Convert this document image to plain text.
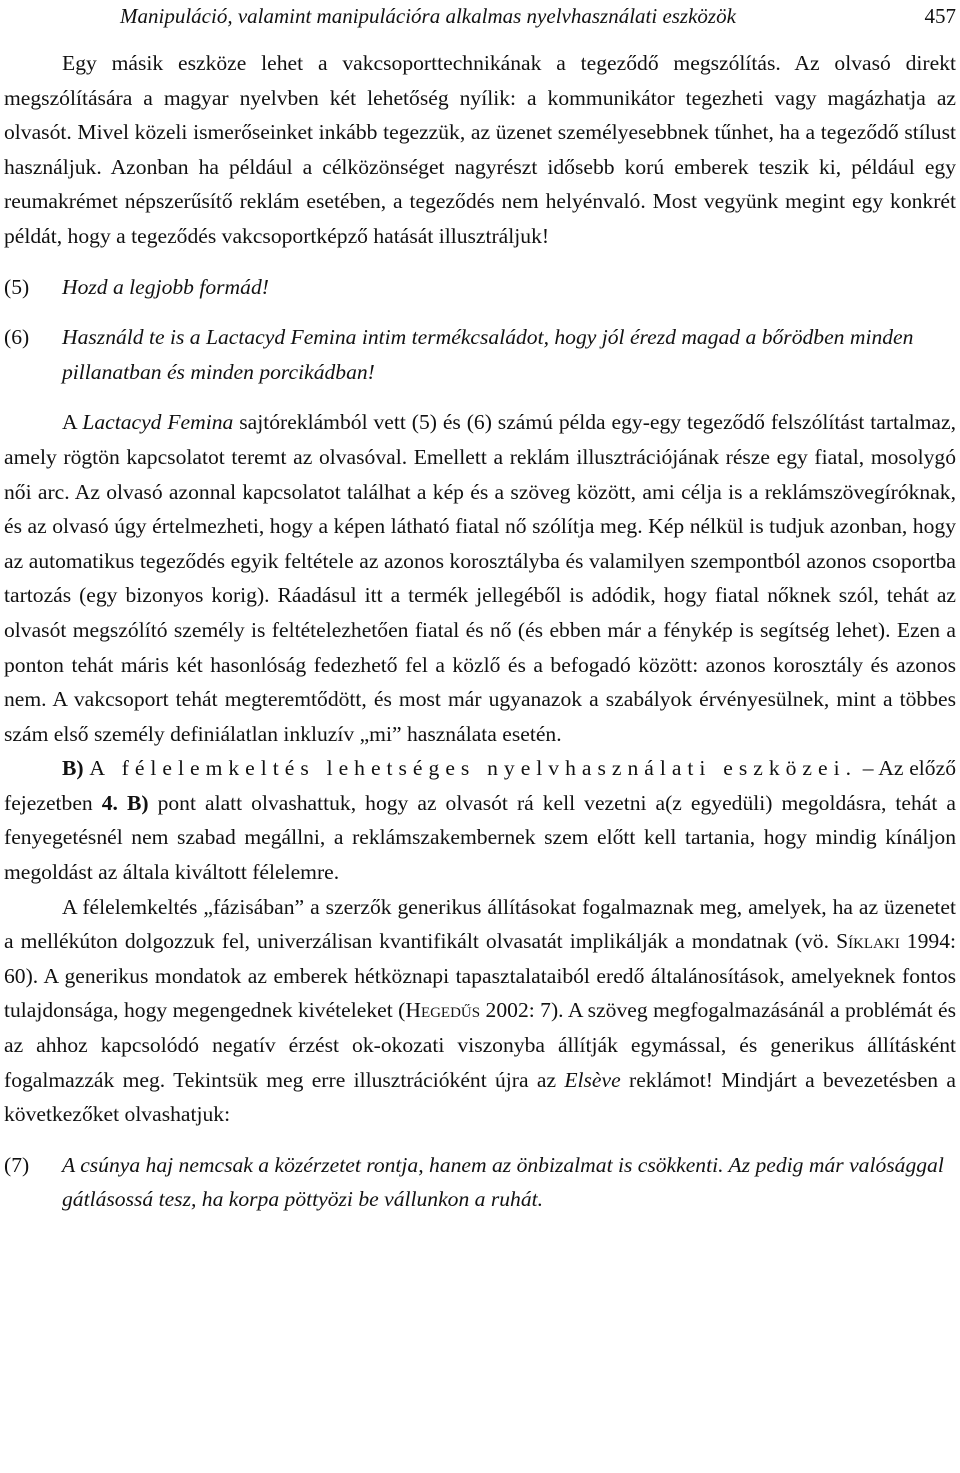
Manipuláció, valamint manipulációra alkalmas nyelvhasználati eszközök	457

Egy másik eszköze lehet a vakcsoporttechnikának a tegeződő megszólítás. Az olvasó direkt megszólítására a magyar nyelvben két lehetőség nyílik: a kommunikátor tegezheti vagy magázhatja az olvasót. Mivel közeli ismerőseinket inkább tegezzük, az üzenet személyesebbnek tűnhet, ha a tegeződő stílust használjuk. Azonban ha például a célközönséget nagyrészt idősebb korú emberek teszik ki, például egy reumakrémet népszerűsítő reklám esetében, a tegeződés nem helyénvaló. Most vegyünk megint egy konkrét példát, hogy a tegeződés vakcsoportképző hatását illusztráljuk!

(5)	Hozd a legjobb formád!
(6)	Használd te is a Lactacyd Femina intim termékcsaládot, hogy jól érezd magad a bőrödben minden pillanatban és minden porcikádban!

A Lactacyd Femina sajtóreklámból vett (5) és (6) számú példa egy-egy tegeződő felszólítást tartalmaz, amely rögtön kapcsolatot teremt az olvasóval. Emellett a reklám illusztrációjának része egy fiatal, mosolygó női arc. Az olvasó azonnal kapcsolatot találhat a kép és a szöveg között, ami célja is a reklámszövegíróknak, és az olvasó úgy értelmezheti, hogy a képen látható fiatal nő szólítja meg. Kép nélkül is tudjuk azonban, hogy az automatikus tegeződés egyik feltétele az azonos korosztályba és valamilyen szempontból azonos csoportba tartozás (egy bizonyos korig). Ráadásul itt a termék jellegéből is adódik, hogy fiatal nőknek szól, tehát az olvasót megszólító személy is feltételezhetően fiatal és nő (és ebben már a fénykép is segítség lehet). Ezen a ponton tehát máris két hasonlóság fedezhető fel a közlő és a befogadó között: azonos korosztály és azonos nem. A vakcsoport tehát megteremtődött, és most már ugyanazok a szabályok érvényesülnek, mint a többes szám első személy definiálatlan inkluzív „mi” használata esetén.

B) A félelemkeltés lehetséges nyelvhasználati eszközei. – Az előző fejezetben 4. B) pont alatt olvashattuk, hogy az olvasót rá kell vezetni a(z egyedüli) megoldásra, tehát a fenyegetésnél nem szabad megállni, a reklámszakembernek szem előtt kell tartania, hogy mindig kínáljon megoldást az általa kiváltott félelemre.

A félelemkeltés „fázisában” a szerzők generikus állításokat fogalmaznak meg, amelyek, ha az üzenetet a mellékúton dolgozzuk fel, univerzálisan kvantifikált olvasatát implikálják a mondatnak (vö. Síklaki 1994: 60). A generikus mondatok az emberek hétköznapi tapasztalataiból eredő általánosítások, amelyeknek fontos tulajdonsága, hogy megengednek kivételeket (Hegedűs 2002: 7). A szöveg megfogalmazásánál a problémát és az ahhoz kapcsolódó negatív érzést ok-okozati viszonyba állítják egymással, és generikus állításként fogalmazzák meg. Tekintsük meg erre illusztrációként újra az Elsève reklámot! Mindjárt a bevezetésben a következőket olvashatjuk:

(7)	A csúnya haj nemcsak a közérzetet rontja, hanem az önbizalmat is csökkenti. Az pedig már valósággal gátlásossá tesz, ha korpa pöttyözi be vállunkon a ruhát.
